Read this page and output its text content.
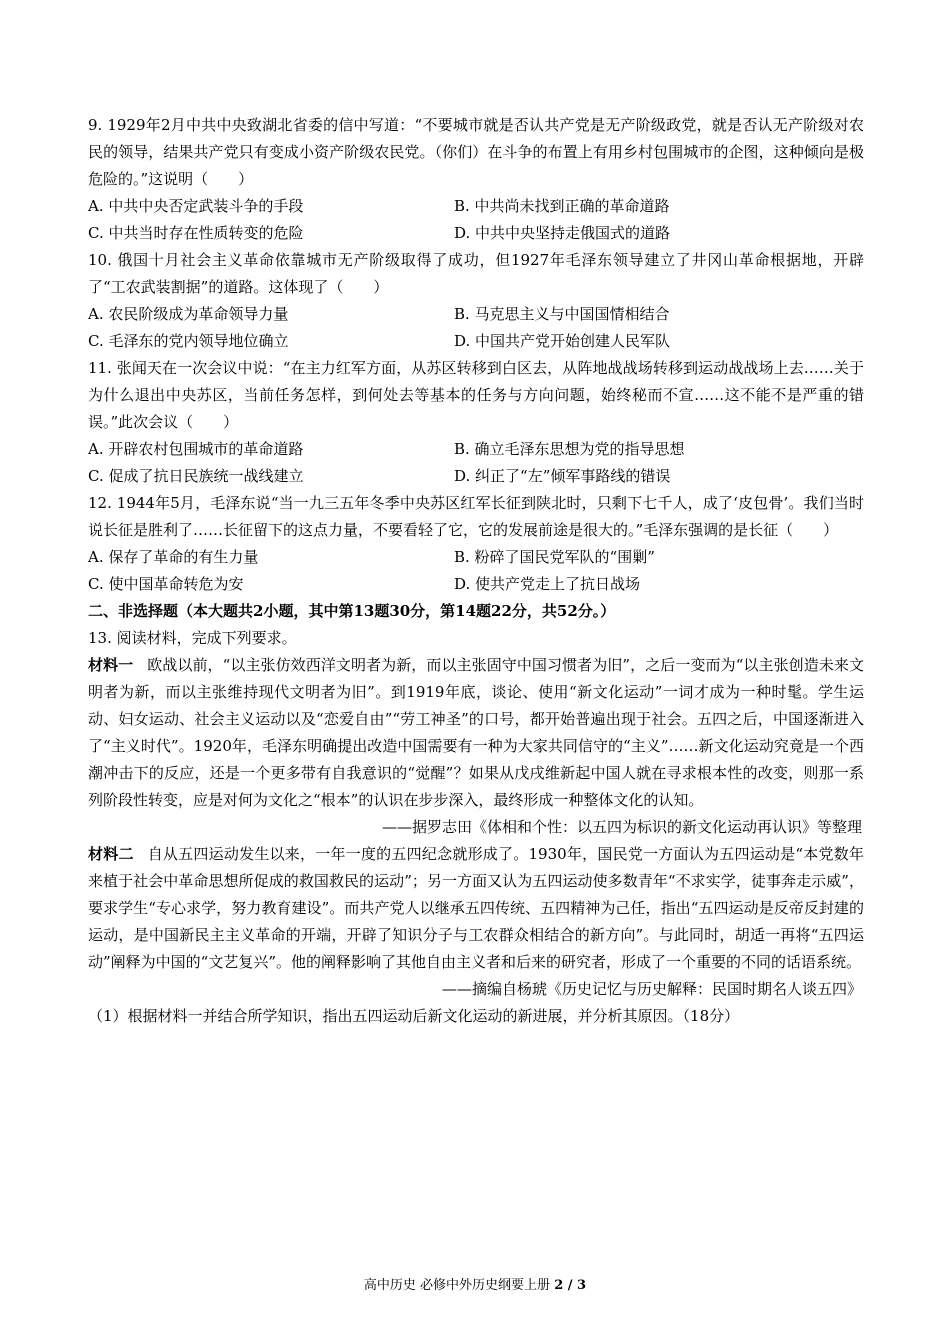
9. 1929年2月中共中央致湖北省委的信中写道：“不要城市就是否认共产党是无产阶级政党，就是否认无产阶级对农民的领导，结果共产党只有变成小资产阶级农民党。（你们）在斗争的布置上有用乡村包围城市的企图，这种倾向是极危险的。”这说明（　　）
A. 中共中央否定武装斗争的手段	B. 中共尚未找到正确的革命道路
C. 中共当时存在性质转变的危险	D. 中共中央坚持走俄国式的道路
10. 俄国十月社会主义革命依靠城市无产阶级取得了成功，但1927年毛泽东领导建立了井冈山革命根据地，开辟了“工农武装割据”的道路。这体现了（　　）
A. 农民阶级成为革命领导力量	B. 马克思主义与中国国情相结合
C. 毛泽东的党内领导地位确立	D. 中国共产党开始创建人民军队
11. 张闻天在一次会议中说：“在主力红军方面，从苏区转移到白区去，从阵地战战场转移到运动战战场上去……关于为什么退出中央苏区，当前任务怎样，到何处去等基本的任务与方向问题，始终秘而不宣……这不能不是严重的错误。”此次会议（　　）
A. 开辟农村包围城市的革命道路	B. 确立毛泽东思想为党的指导思想
C. 促成了抗日民族统一战线建立	D. 纠正了“左”倾军事路线的错误
12. 1944年5月，毛泽东说“当一九三五年冬季中央苏区红军长征到陕北时，只剩下七千人，成了‘皮包骨’。我们当时说长征是胜利了……长征留下的这点力量，不要看轻了它，它的发展前途是很大的。”毛泽东强调的是长征（　　）
A. 保存了革命的有生力量	B. 粉碎了国民党军队的“围剿”
C. 使中国革命转危为安	D. 使共产党走上了抗日战场
二、非选择题（本大题共2小题，其中第13题30分，第14题22分，共52分。）
13. 阅读材料，完成下列要求。
材料一 欧战以前，“以主张仿效西洋文明者为新，而以主张固守中国习惯者为旧”，之后一变而为“以主张创造未来文明者为新，而以主张维持现代文明者为旧”。到1919年底，谈论、使用“新文化运动”一词才成为一种时髦。学生运动、妇女运动、社会主义运动以及“恋爱自由”“劳工神圣”的口号，都开始普遍出现于社会。五四之后，中国逐渐进入了“主义时代”。1920年，毛泽东明确提出改造中国需要有一种为大家共同信守的“主义”……新文化运动究竟是一个西潮冲击下的反应，还是一个更多带有自我意识的“觉醒”？如果从戊戌维新起中国人就在寻求根本性的改变，则那一系列阶段性转变，应是对何为文化之“根本”的认识在步步深入，最终形成一种整体文化的认知。
——据罗志田《体相和个性：以五四为标识的新文化运动再认识》等整理
材料二 自从五四运动发生以来，一年一度的五四纪念就形成了。1930年，国民党一方面认为五四运动是“本党数年来植于社会中革命思想所促成的救国救民的运动”；另一方面又认为五四运动使多数青年“不求实学，徒事奔走示威”，要求学生“专心求学，努力教育建设”。而共产党人以继承五四传统、五四精神为己任，指出“五四运动是反帝反封建的运动，是中国新民主主义革命的开端，开辟了知识分子与工农群众相结合的新方向”。与此同时，胡适一再将“五四运动”阐释为中国的“文艺复兴”。他的阐释影响了其他自由主义者和后来的研究者，形成了一个重要的不同的话语系统。
——摘编自杨琥《历史记忆与历史解释：民国时期名人谈五四》
（1）根据材料一并结合所学知识，指出五四运动后新文化运动的新进展，并分析其原因。（18分）
高中历史 必修中外历史纲要上册 2 / 3
